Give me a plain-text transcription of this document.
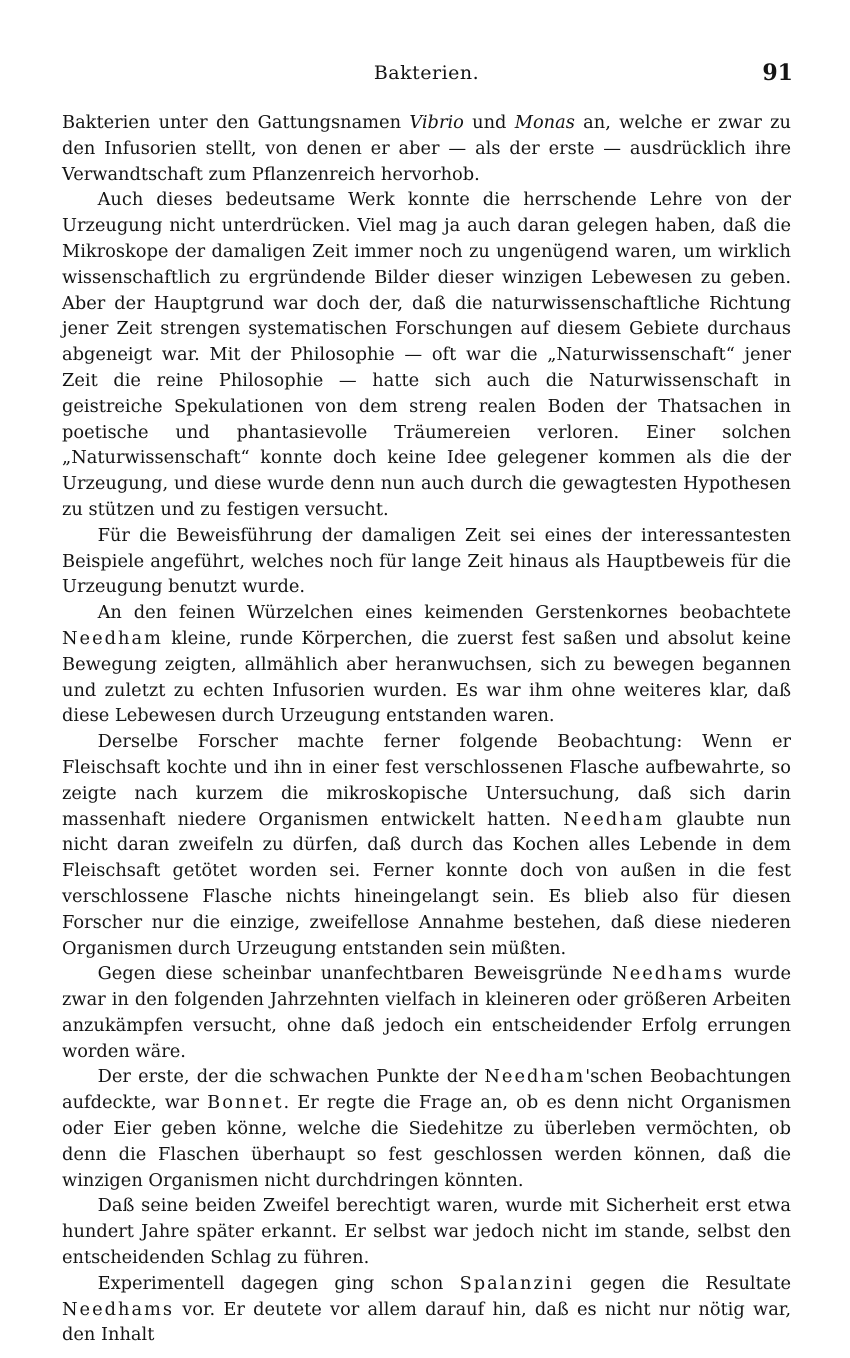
Bakterien.	91

Bakterien unter den Gattungsnamen Vibrio und Monas an, welche er zwar zu den Infusorien stellt, von denen er aber — als der erste — ausdrücklich ihre Verwandtschaft zum Pflanzenreich hervorhob.

Auch dieses bedeutsame Werk konnte die herrschende Lehre von der Urzeugung nicht unterdrücken. Viel mag ja auch daran gelegen haben, daß die Mikroskope der damaligen Zeit immer noch zu ungenügend waren, um wirklich wissenschaftlich zu ergründende Bilder dieser winzigen Lebewesen zu geben. Aber der Hauptgrund war doch der, daß die naturwissenschaftliche Richtung jener Zeit strengen systematischen Forschungen auf diesem Gebiete durchaus abgeneigt war. Mit der Philosophie — oft war die „Naturwissenschaft“ jener Zeit die reine Philosophie — hatte sich auch die Naturwissenschaft in geistreiche Spekulationen von dem streng realen Boden der Thatsachen in poetische und phantasievolle Träumereien verloren. Einer solchen „Naturwissenschaft“ konnte doch keine Idee gelegener kommen als die der Urzeugung, und diese wurde denn nun auch durch die gewagtesten Hypothesen zu stützen und zu festigen versucht.

Für die Beweisführung der damaligen Zeit sei eines der interessantesten Beispiele angeführt, welches noch für lange Zeit hinaus als Hauptbeweis für die Urzeugung benutzt wurde.

An den feinen Würzelchen eines keimenden Gerstenkornes beobachtete Needham kleine, runde Körperchen, die zuerst fest saßen und absolut keine Bewegung zeigten, allmählich aber heranwuchsen, sich zu bewegen begannen und zuletzt zu echten Infusorien wurden. Es war ihm ohne weiteres klar, daß diese Lebewesen durch Urzeugung entstanden waren.

Derselbe Forscher machte ferner folgende Beobachtung: Wenn er Fleischsaft kochte und ihn in einer fest verschlossenen Flasche aufbewahrte, so zeigte nach kurzem die mikroskopische Untersuchung, daß sich darin massenhaft niedere Organismen entwickelt hatten. Needham glaubte nun nicht daran zweifeln zu dürfen, daß durch das Kochen alles Lebende in dem Fleischsaft getötet worden sei. Ferner konnte doch von außen in die fest verschlossene Flasche nichts hineingelangt sein. Es blieb also für diesen Forscher nur die einzige, zweifellose Annahme bestehen, daß diese niederen Organismen durch Urzeugung entstanden sein müßten.

Gegen diese scheinbar unanfechtbaren Beweisgründe Needhams wurde zwar in den folgenden Jahrzehnten vielfach in kleineren oder größeren Arbeiten anzukämpfen versucht, ohne daß jedoch ein entscheidender Erfolg errungen worden wäre.

Der erste, der die schwachen Punkte der Needham'schen Beobachtungen aufdeckte, war Bonnet. Er regte die Frage an, ob es denn nicht Organismen oder Eier geben könne, welche die Siedehitze zu überleben vermöchten, ob denn die Flaschen überhaupt so fest geschlossen werden können, daß die winzigen Organismen nicht durchdringen könnten.

Daß seine beiden Zweifel berechtigt waren, wurde mit Sicherheit erst etwa hundert Jahre später erkannt. Er selbst war jedoch nicht im stande, selbst den entscheidenden Schlag zu führen.

Experimentell dagegen ging schon Spalanzini gegen die Resultate Needhams vor. Er deutete vor allem darauf hin, daß es nicht nur nötig war, den Inhalt
